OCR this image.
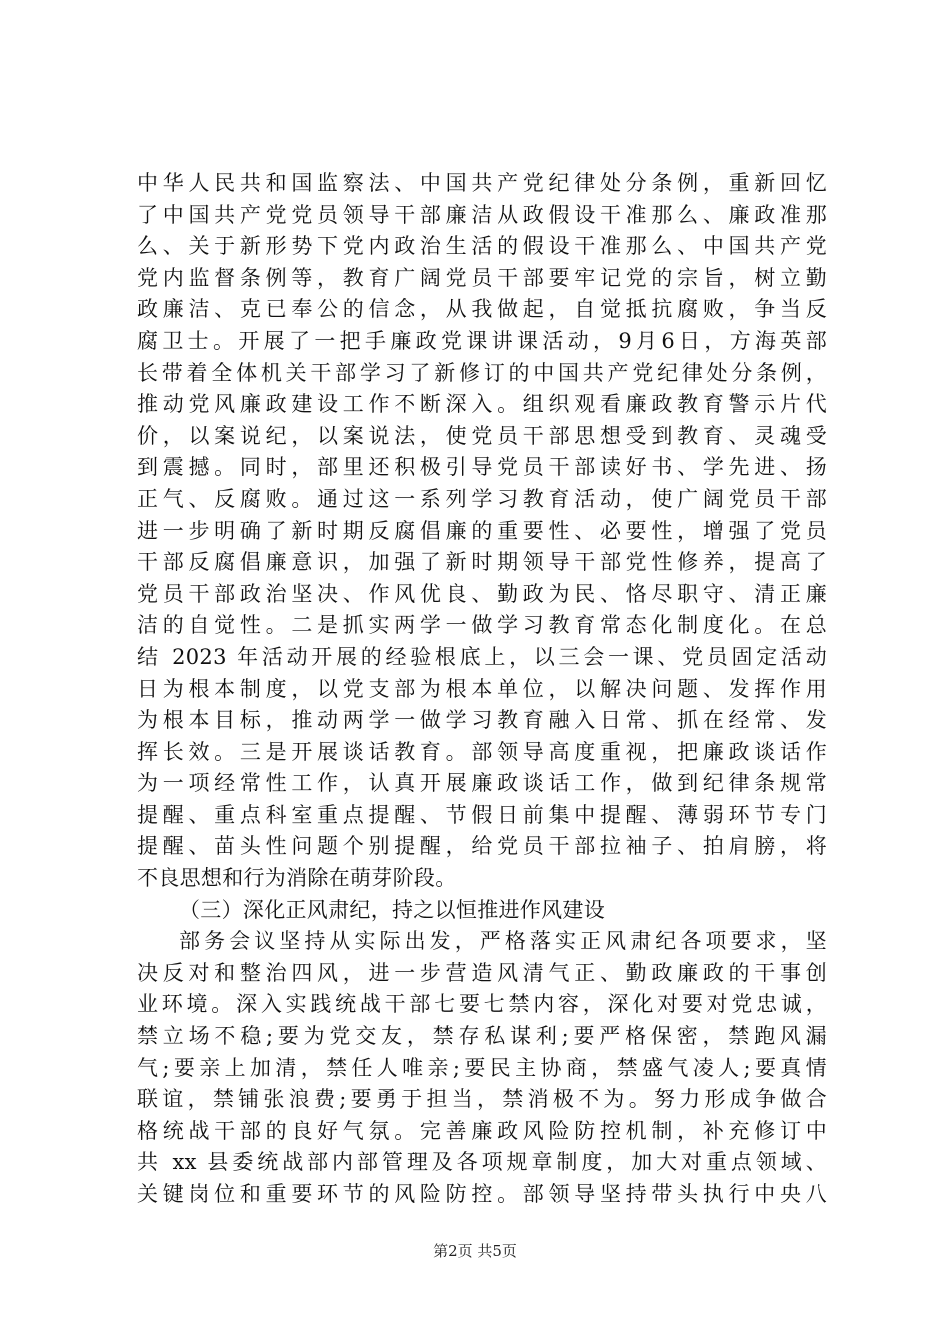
中华人民共和国监察法、中国共产党纪律处分条例，重新回忆
了中国共产党党员领导干部廉洁从政假设干准那么、廉政准那
么、关于新形势下党内政治生活的假设干准那么、中国共产党
党内监督条例等，教育广阔党员干部要牢记党的宗旨，树立勤
政廉洁、克已奉公的信念，从我做起，自觉抵抗腐败，争当反
腐卫士。开展了一把手廉政党课讲课活动，9月6日，方海英部
长带着全体机关干部学习了新修订的中国共产党纪律处分条例，
推动党风廉政建设工作不断深入。组织观看廉政教育警示片代
价，以案说纪，以案说法，使党员干部思想受到教育、灵魂受
到震撼。同时，部里还积极引导党员干部读好书、学先进、扬
正气、反腐败。通过这一系列学习教育活动，使广阔党员干部
进一步明确了新时期反腐倡廉的重要性、必要性，增强了党员
干部反腐倡廉意识，加强了新时期领导干部党性修养，提高了
党员干部政治坚决、作风优良、勤政为民、恪尽职守、清正廉
洁的自觉性。二是抓实两学一做学习教育常态化制度化。在总
结 2023 年活动开展的经验根底上，以三会一课、党员固定活动
日为根本制度，以党支部为根本单位，以解决问题、发挥作用
为根本目标，推动两学一做学习教育融入日常、抓在经常、发
挥长效。三是开展谈话教育。部领导高度重视，把廉政谈话作
为一项经常性工作，认真开展廉政谈话工作，做到纪律条规常
提醒、重点科室重点提醒、节假日前集中提醒、薄弱环节专门
提醒、苗头性问题个别提醒，给党员干部拉袖子、拍肩膀，将
不良思想和行为消除在萌芽阶段。
（三）深化正风肃纪，持之以恒推进作风建设
部务会议坚持从实际出发，严格落实正风肃纪各项要求，坚
决反对和整治四风，进一步营造风清气正、勤政廉政的干事创
业环境。深入实践统战干部七要七禁内容，深化对要对党忠诚，
禁立场不稳;要为党交友，禁存私谋利;要严格保密，禁跑风漏
气;要亲上加清，禁任人唯亲;要民主协商，禁盛气凌人;要真情
联谊，禁铺张浪费;要勇于担当，禁消极不为。努力形成争做合
格统战干部的良好气氛。完善廉政风险防控机制，补充修订中
共 xx 县委统战部内部管理及各项规章制度，加大对重点领域、
关键岗位和重要环节的风险防控。部领导坚持带头执行中央八
第2页 共5页
